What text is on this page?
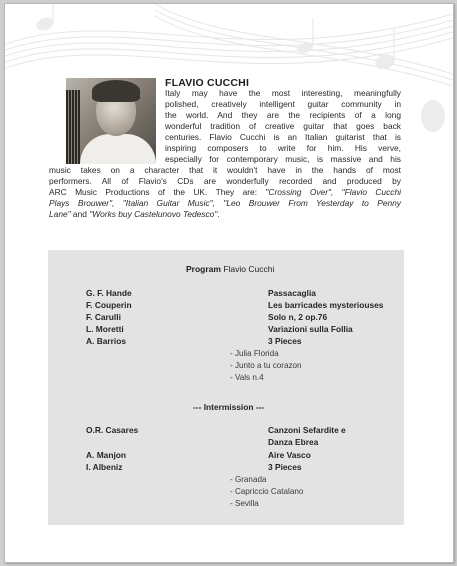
FLAVIO CUCCHI
Italy may have the most interesting, meaningfully
polished, creatively intelligent guitar community in
the world. And they are the recipients of a long
wonderful tradition of creative guitar that goes back
centuries. Flavio Cucchi is an Italian guitarist that is
inspiring composers to write for him. His verve,
especially for contemporary music, is massive and his
music takes on a character that it wouldn't have in the hands of most
performers. All of Flavio's CDs are wonderfully recorded and produced by
ARC Music Productions of the UK. They are: "Crossing Over", "Flavio Cucchi
Plays Brouwer", "Italian Guitar Music", "Leo Brouwer From Yesterday to Penny
Lane" and "Works buy Castelunovo Tedesco".
Program Flavio Cucchi
G. F. Hande	Passacaglia
F. Couperin	Les barricades mysteriouses
F. Carulli	Solo n, 2 op.76
L. Moretti	Variazioni sulla Follia
A. Barrios	3 Pieces
- Julia Florida
- Junto a tu corazon
- Vals n.4
--- Intermission ---
O.R. Casares	Canzoni Sefardite e
Danza Ebrea
A. Manjon	Aire Vasco
I. Albeniz	3 Pieces
- Granada
- Capriccio Catalano
- Sevilla
